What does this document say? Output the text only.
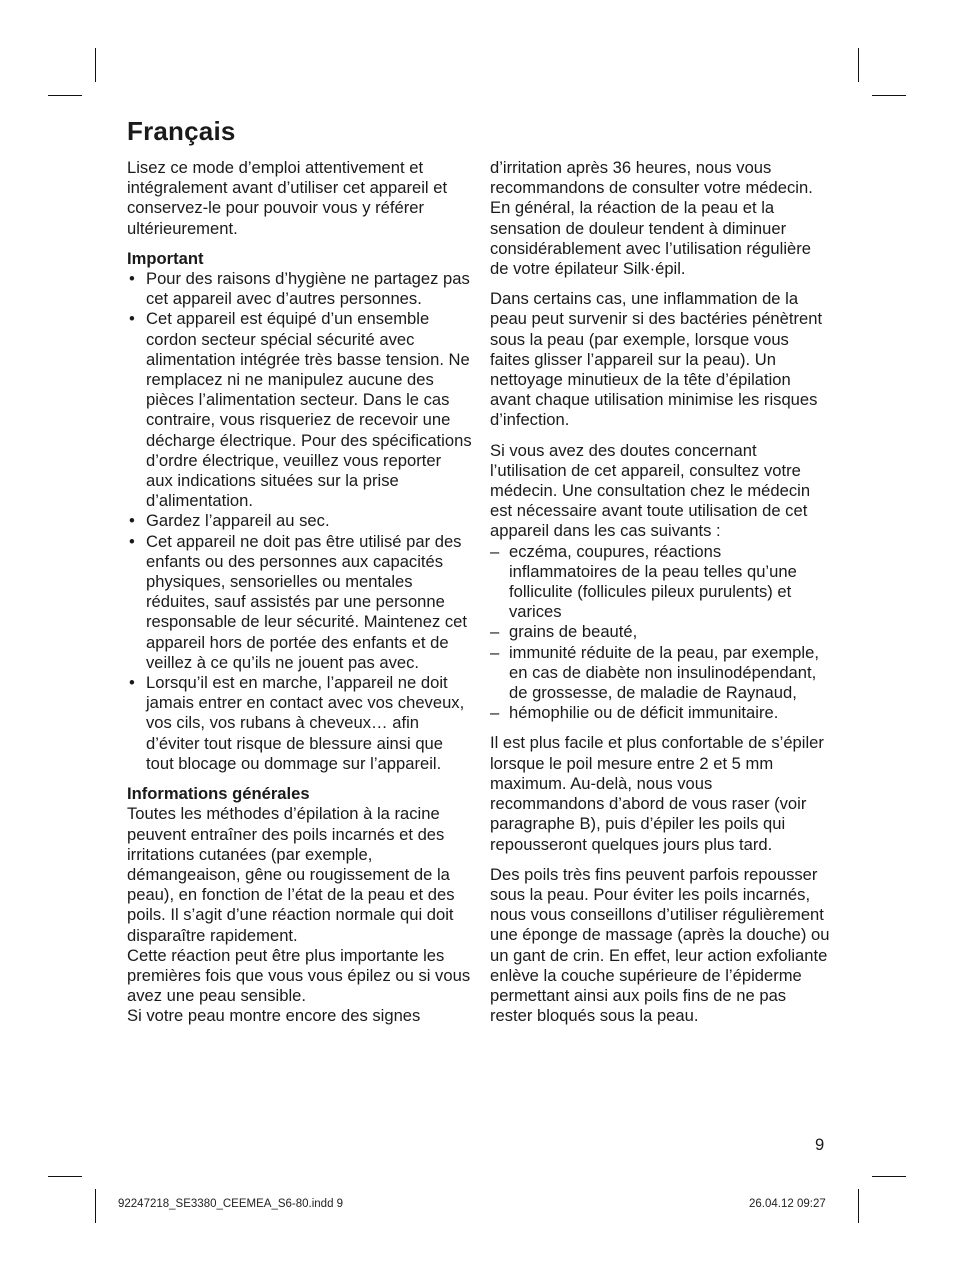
Français

Lisez ce mode d’emploi attentivement et intégralement avant d’utiliser cet appareil et conservez-le pour pouvoir vous y référer ultérieurement.

Important

• Pour des raisons d’hygiène ne partagez pas cet appareil avec d’autres personnes.
• Cet appareil est équipé d’un ensemble cordon secteur spécial sécurité avec alimentation intégrée très basse tension. Ne remplacez ni ne manipulez aucune des pièces l’alimentation secteur. Dans le cas contraire, vous risqueriez de recevoir une décharge électrique. Pour des spécifications d’ordre électrique, veuillez vous reporter aux indications situées sur la prise d’alimentation.
• Gardez l’appareil au sec.
• Cet appareil ne doit pas être utilisé par des enfants ou des personnes aux capacités physiques, sensorielles ou mentales réduites, sauf assistés par une personne responsable de leur sécurité. Maintenez cet appareil hors de portée des enfants et de veillez à ce qu’ils ne jouent pas avec.
• Lorsqu’il est en marche, l’appareil ne doit jamais entrer en contact avec vos cheveux, vos cils, vos rubans à cheveux… afin d’éviter tout risque de blessure ainsi que tout blocage ou dommage sur l’appareil.

Informations générales

Toutes les méthodes d’épilation à la racine peuvent entraîner des poils incarnés et des irritations cutanées (par exemple, démangeaison, gêne ou rougissement de la peau), en fonction de l’état de la peau et des poils. Il s’agit d’une réaction normale qui doit disparaître rapidement.

Cette réaction peut être plus importante les premières fois que vous vous épilez ou si vous avez une peau sensible.

Si votre peau montre encore des signes

d’irritation après 36 heures, nous vous recommandons de consulter votre médecin. En général, la réaction de la peau et la sensation de douleur tendent à diminuer considérablement avec l’utilisation régulière de votre épilateur Silk·épil.

Dans certains cas, une inflammation de la peau peut survenir si des bactéries pénètrent sous la peau (par exemple, lorsque vous faites glisser l’appareil sur la peau). Un nettoyage minutieux de la tête d’épilation avant chaque utilisation minimise les risques d’infection.

Si vous avez des doutes concernant l’utilisation de cet appareil, consultez votre médecin. Une consultation chez le médecin est nécessaire avant toute utilisation de cet appareil dans les cas suivants :

– eczéma, coupures, réactions inflammatoires de la peau telles qu’une folliculite (follicules pileux purulents) et varices
– grains de beauté,
– immunité réduite de la peau, par exemple, en cas de diabète non insulinodépendant, de grossesse, de maladie de Raynaud,
– hémophilie ou de déficit immunitaire.

Il est plus facile et plus confortable de s’épiler lorsque le poil mesure entre 2 et 5 mm maximum. Au-delà, nous vous recommandons d’abord de vous raser (voir paragraphe B), puis d’épiler les poils qui repousseront quelques jours plus tard.

Des poils très fins peuvent parfois repousser sous la peau. Pour éviter les poils incarnés, nous vous conseillons d’utiliser régulièrement une éponge de massage (après la douche) ou un gant de crin. En effet, leur action exfoliante enlève la couche supérieure de l’épiderme permettant ainsi aux poils fins de ne pas rester bloqués sous la peau.

9
92247218_SE3380_CEEMEA_S6-80.indd 9	26.04.12 09:27
